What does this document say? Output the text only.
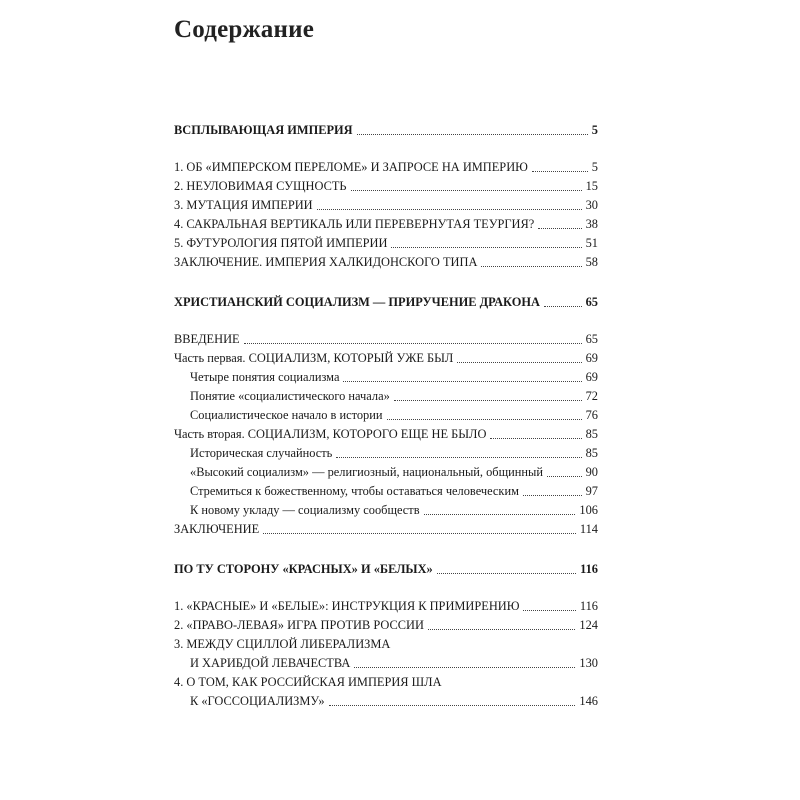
Содержание
ВСПЛЫВАЮЩАЯ ИМПЕРИЯ	5
1. ОБ «ИМПЕРСКОМ ПЕРЕЛОМЕ» И ЗАПРОСЕ НА ИМПЕРИЮ	5
2. НЕУЛОВИМАЯ СУЩНОСТЬ	15
3. МУТАЦИЯ ИМПЕРИИ	30
4. САКРАЛЬНАЯ ВЕРТИКАЛЬ ИЛИ ПЕРЕВЕРНУТАЯ ТЕУРГИЯ?	38
5. ФУТУРОЛОГИЯ ПЯТОЙ ИМПЕРИИ	51
ЗАКЛЮЧЕНИЕ. ИМПЕРИЯ ХАЛКИДОНСКОГО ТИПА	58
ХРИСТИАНСКИЙ СОЦИАЛИЗМ — ПРИРУЧЕНИЕ ДРАКОНА	65
ВВЕДЕНИЕ	65
Часть первая. СОЦИАЛИЗМ, КОТОРЫЙ УЖЕ БЫЛ	69
Четыре понятия социализма	69
Понятие «социалистического начала»	72
Социалистическое начало в истории	76
Часть вторая. СОЦИАЛИЗМ, КОТОРОГО ЕЩЕ НЕ БЫЛО	85
Историческая случайность	85
«Высокий социализм» — религиозный, национальный, общинный	90
Стремиться к божественному, чтобы оставаться человеческим	97
К новому укладу — социализму сообществ	106
ЗАКЛЮЧЕНИЕ	114
ПО ТУ СТОРОНУ «КРАСНЫХ» И «БЕЛЫХ»	116
1. «КРАСНЫЕ» И «БЕЛЫЕ»: ИНСТРУКЦИЯ К ПРИМИРЕНИЮ	116
2. «ПРАВО-ЛЕВАЯ» ИГРА ПРОТИВ РОССИИ	124
3. МЕЖДУ СЦИЛЛОЙ ЛИБЕРАЛИЗМА
И ХАРИБДОЙ ЛЕВАЧЕСТВА	130
4. О ТОМ, КАК РОССИЙСКАЯ ИМПЕРИЯ ШЛА
К «ГОССОЦИАЛИЗМУ»	146
